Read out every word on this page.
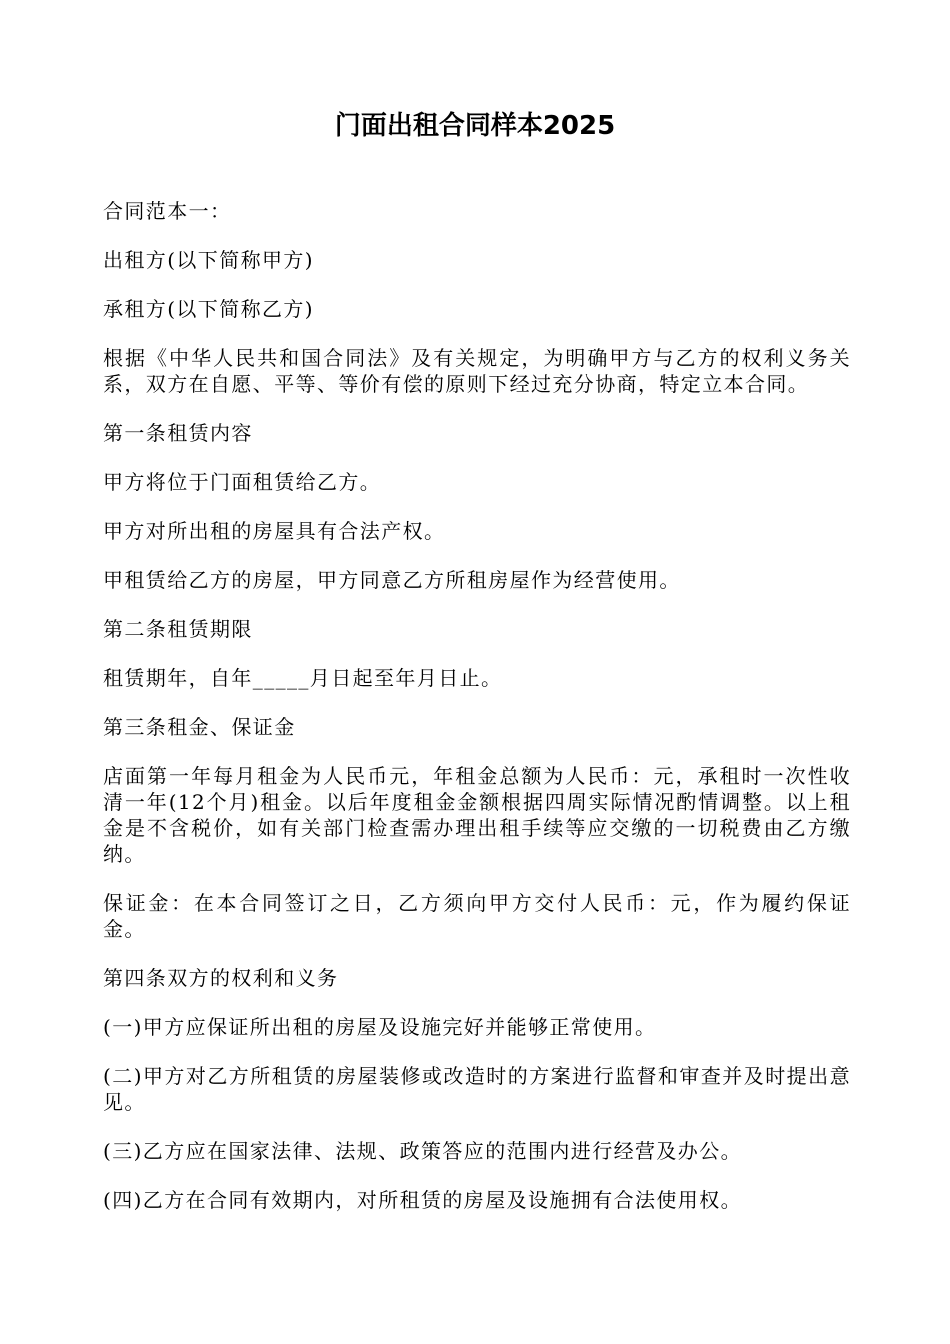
门面出租合同样本2025

合同范本一：

出租方(以下简称甲方)

承租方(以下简称乙方)

根据《中华人民共和国合同法》及有关规定，为明确甲方与乙方的权利义务关系，双方在自愿、平等、等价有偿的原则下经过充分协商，特定立本合同。

第一条租赁内容

甲方将位于门面租赁给乙方。

甲方对所出租的房屋具有合法产权。

甲租赁给乙方的房屋，甲方同意乙方所租房屋作为经营使用。

第二条租赁期限

租赁期年，自年_____月日起至年月日止。

第三条租金、保证金

店面第一年每月租金为人民币元，年租金总额为人民币：元，承租时一次性收清一年(12个月)租金。以后年度租金金额根据四周实际情况酌情调整。以上租金是不含税价，如有关部门检查需办理出租手续等应交缴的一切税费由乙方缴纳。

保证金：在本合同签订之日，乙方须向甲方交付人民币：元，作为履约保证金。

第四条双方的权利和义务

(一)甲方应保证所出租的房屋及设施完好并能够正常使用。

(二)甲方对乙方所租赁的房屋装修或改造时的方案进行监督和审查并及时提出意见。

(三)乙方应在国家法律、法规、政策答应的范围内进行经营及办公。

(四)乙方在合同有效期内，对所租赁的房屋及设施拥有合法使用权。
